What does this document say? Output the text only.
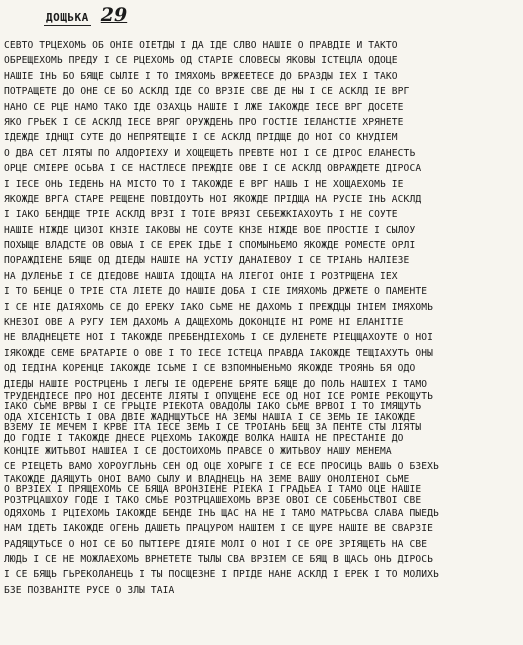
ДОЩЬКА 29
СЕВТО ТРЦЕХОМЬ ОБ ОНІЕ ОІЕТДЫ І ДА ІДЕ СЛВО НАШІЕ О ПРАВДІЕ И ТАКТО
ОБРЕЩЕХОМЬ ПРЕДУ І СЕ РЦЕХОМЬ ОД СТАРІЕ СЛОВЕСЫ ЯКОВЫ ІСТЕЦЛА ОДОЦЕ
НАШІЕ ІНЬ БО БЯЩЕ СЫЛІЕ І ТО ІМЯХОМЬ ВРЖЕЕТЕСЕ ДО БРАЗДЫ ІЕХ І ТАКО
ПОТРАЩЕТЕ ДО ОНЕ СЕ БО АСКЛД ІДЕ СО ВРЗІЕ СВЕ ДЕ НЫ І СЕ АСКЛД ІЕ ВРГ
НАНО СЕ РЦЕ НАМО ТАКО ІДЕ ОЗАХЦЬ НАШІЕ І ЛЖЕ ІАКОЖДЕ ІЕСЕ ВРГ ДОСЕТЕ
ЯКО ГРЬЕК І СЕ АСКЛД ІЕСЕ ВРЯГ ОРУЖДЕНЬ ПРО ГОСТІЕ ІЕЛАНСТІЕ ХРЯНЕТЕ
ІДЕЖДЕ ІДНЩІ СУТЕ ДО НЕПРЯТЕЩІЕ І СЕ АСКЛД ПРІДЩЕ ДО НОІ СО КНУДІЕМ
О ДВА СЕТ ЛІЯТЫ ПО АЛДОРІЕХУ И ХОЩЕЩЕТЬ ПРЕВТЕ НОІ І СЕ ДІРОС ЕЛАНЕСТЬ
ОРЦЕ СМІЕРЕ ОСЬВА І СЕ НАСТЛЕСЕ ПРЕЖДІЕ ОВЕ І СЕ АСКЛД ОВРАЖДЕТЕ ДІРОСА
І ІЕСЕ ОНЬ ІЕДЕНЬ НА МІСТО ТО І ТАКОЖДЕ Е ВРГ НАШЬ І НЕ ХОЩАЕХОМЬ ІЕ
ЯКОЖДЕ ВРГА СТАРЕ РЕЩЕНЕ ПОВІДОУТЬ НОІ ЯКОЖДЕ ПРІДЩА НА РУСІЕ ІНЬ АСКЛД
І ІАКО БЕНДЩЕ ТРІЕ АСКЛД ВРЗІ І ТОІЕ ВРЯЗІ СЕБЕЖКІАХОУТЬ І НЕ СОУТЕ
НАШІЕ НІЖДЕ ЦИЗОІ КНЗІЕ ІАКОВЫ НЕ СОУТЕ КНЗЕ НІЖДЕ ВОЕ ПРОСТІЕ І СЫЛОУ
ПОХЫЩЕ ВЛАДСТЕ ОВ ОВЫА І СЕ ЕРЕК ІДЬЕ І СПОМЫНЬЕМО ЯКОЖДЕ РОМЕСТЕ ОРЛІ
ПОРАЖДІЕНЕ БЯЩЕ ОД ДІЕДЫ НАШІЕ НА УСТІУ ДАНАІЕВОУ І СЕ ТРІАНЬ НАЛІЕЗЕ
НА ДУЛЕНЬЕ І СЕ ДІЕДОВЕ НАШІА ІДОЩІА НА ЛІЕГОІ ОНІЕ І РОЗТРЩЕНА ІЕХ
І ТО БЕНЦЕ О ТРІЕ СТА ЛІЕТЕ ДО НАШІЕ ДОБА І СІЕ ІМЯХОМЬ ДРЖЕТЕ О ПАМЕНТЕ
І СЕ НІЕ ДАІЯХОМЬ СЕ ДО ЕРЕКУ ІАКО СЬМЕ НЕ ДАХОМЬ І ПРЕЖДЦЫ ІНІЕМ ІМЯХОМЬ
КНЕЗОІ ОВЕ А РУГУ ІЕМ ДАХОМЬ А ДАЩЕХОМЬ ДОКОНЦІЕ НІ РОМЕ НІ ЕЛАНІТІЕ
НЕ ВЛАДНЕЦЕТЕ НОІ І ТАКОЖДЕ ПРЕБЕНДІЕХОМЬ І СЕ ДУЛЕНЕТЕ РІЕЦЩАХОУТЕ О НОІ
ІЯКОЖДЕ СЕМЕ БРАТАРІЕ О ОВЕ І ТО ІЕСЕ ІСТЕЦА ПРАВДА ІАКОЖДЕ ТЕЩІАХУТЬ ОНЫ
ОД ІЕДІНА КОРЕНЦЕ ІАКОЖДЕ ІСЬМЕ І СЕ ВЗПОМНЫЕНЬМО ЯКОЖДЕ ТРОЯНЬ БЯ ОДО
ДІЕДЫ НАШІЕ РОСТРЦЕНЬ І ЛЕГЫ ІЕ ОДЕРЕНЕ БРЯТЕ БЯЩЕ ДО ПОЛЬ НАШІЕХ І ТАМО
ТРУДЕНДІЕСЕ ПРО НОІ ДЕСЕНТЕ ЛІЯТЫ І ОПУЩЕНЕ ЕСЕ ОД НОІ ІСЕ РОМІЕ РЕКОЩУТЬ
ІАКО СЬМЕ ВРВЫ І СЕ ГРЬЦІЕ РІЕКОТА ОВАДОЛЫ ІАКО СЬМЕ ВРВОІ І ТО ІМЯЩУТЬ
ОДА ХІСЕНІСТЬ І ОВА ДВІЕ ЖАДНЩУТЬСЕ НА ЗЕМЫ НАШІА І СЕ ЗЕМЬ ІЕ ІАКОЖДЕ
ВЗЕМУ ІЕ МЕЧЕМ І КРВЕ ІТА ІЕСЕ ЗЕМЬ І СЕ ТРОІАНЬ БЕЩ ЗА ПЕНТЕ СТЫ ЛІЯТЫ
ДО ГОДІЕ І ТАКОЖДЕ ДНЕСЕ РЦЕХОМЬ ІАКОЖДЕ ВОЛКА НАШІА НЕ ПРЕСТАНІЕ ДО
КОНЦІЕ ЖИТЬВОІ НАШІЕА І СЕ ДОСТОИХОМЬ ПРАВСЕ О ЖИТЬВОУ НАШУ МЕНЕМА
СЕ РІЕЦЕТЬ ВАМО ХОРОУГЛЬНЬ СЕН ОД ОЦЕ ХОРЫГЕ І СЕ ЕСЕ ПРОСИЦЬ ВАШЬ О БЗЕХЬ
ТАКОЖДЕ ДАЯЩУТЬ ОНОІ ВАМО СЫЛУ И ВЛАДНЕЦЬ НА ЗЕМЕ ВАШУ ОНОЛІЕНОІ СЬМЕ
О ВРЗІЕХ І ПРЯЩЕХОМЬ СЕ БЯЩА ВРОНЗІЕНЕ РІЕКА І ГРАДЬЕА І ТАМО ОЦЕ НАШІЕ
РОЗТРЦАШХОУ ГОДЕ І ТАКО СМЬЕ РОЗТРЦАШЕХОМЬ ВРЗЕ ОВОІ СЕ СОБЕНЬСТВОІ СВЕ
ОДЯХОМЬ І РЦІЕХОМЬ ІАКОЖДЕ БЕНДЕ ІНЬ ЩАС НА НЕ І ТАМО МАТРЬСВА СЛАВА ПЫЕДЬ
НАМ ІДЕТЬ ІАКОЖДЕ ОГЕНЬ ДАШЕТЬ ПРАЦУРОМ НАШІЕМ І СЕ ЩУРЕ НАШІЕ ВЕ СВАРЗІЕ
РАДЯЩУТЬСЕ О НОІ СЕ БО ПЫТІЕРЕ ДІЯІЕ МОЛІ О НОІ І СЕ ОРЕ ЗРІЯЩЕТЬ НА СВЕ
ЛЮДЬ І СЕ НЕ МОЖЛАЕХОМЬ ВРНЕТЕТЕ ТЫЛЫ СВА ВРЗІЕМ СЕ БЯЩ В ЩАСЬ ОНЬ ДІРОСЬ
І СЕ БЯЩЬ ГЬРЕКОЛАНЕЦЬ І ТЫ ПОСЩЕЗНЕ І ПРІДЕ НАНЕ АСКЛД І ЕРЕК І ТО МОЛИХЬ
БЗЕ ПОЗВАНІТЕ РУСЕ О ЗЛЫ ТАІА
